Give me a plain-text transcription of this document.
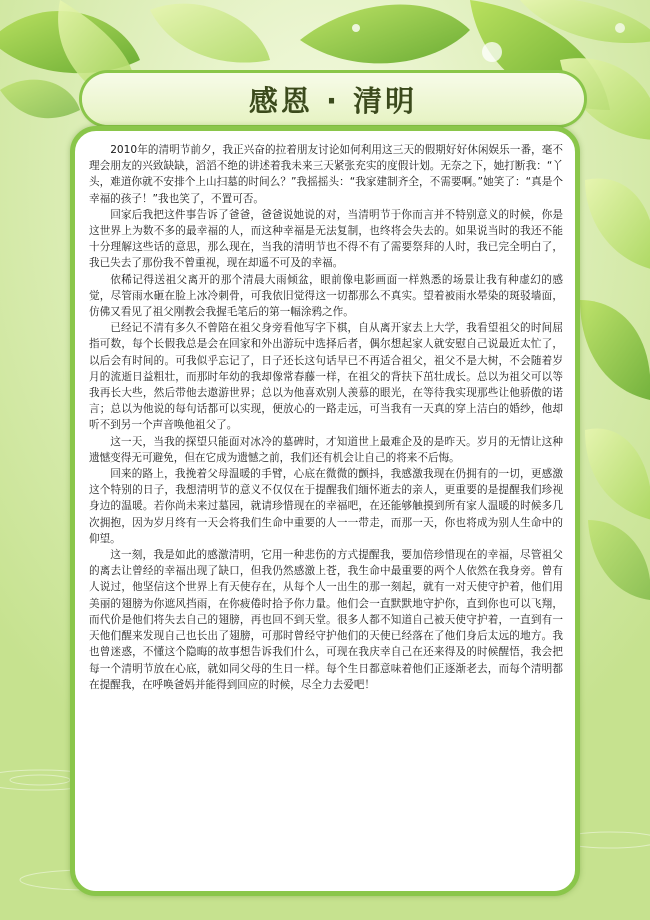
感恩 · 清明

2010年的清明节前夕，我正兴奋的拉着朋友讨论如何利用这三天的假期好好休闲娱乐一番，毫不理会朋友的兴致缺缺，滔滔不绝的讲述着我未来三天紧张充实的度假计划。无奈之下，她打断我：“丫头，难道你就不安排个上山扫墓的时间么？”我摇摇头：“我家建制齐全，不需要啊。”她笑了：“真是个幸福的孩子！”我也笑了，不置可否。

回家后我把这件事告诉了爸爸，爸爸说她说的对，当清明节于你而言并不特别意义的时候，你是这世界上为数不多的最幸福的人，而这种幸福是无法复制，也终将会失去的。如果说当时的我还不能十分理解这些话的意思，那么现在，当我的清明节也不得不有了需要祭拜的人时，我已完全明白了，我已失去了那份我不曾重视，现在却遥不可及的幸福。

依稀记得送祖父离开的那个清晨大雨倾盆，眼前像电影画面一样熟悉的场景让我有种虚幻的感觉，尽管雨水砸在脸上冰冷刺骨，可我依旧觉得这一切都那么不真实。望着被雨水晕染的斑驳墙面，仿佛又看见了祖父刚教会我握毛笔后的第一幅涂鸦之作。

已经记不清有多久不曾陪在祖父身旁看他写字下棋，自从离开家去上大学，我看望祖父的时间屈指可数，每个长假我总是会在回家和外出游玩中选择后者，偶尔想起家人就安慰自己说最近太忙了，以后会有时间的。可我似乎忘记了，日子还长这句话早已不再适合祖父，祖父不是大树，不会随着岁月的流逝日益粗壮，而那时年幼的我却像常春藤一样，在祖父的背扶下茁壮成长。总以为祖父可以等我再长大些，然后带他去遨游世界；总以为他喜欢别人羡慕的眼光，在等待我实现那些让他骄傲的诺言；总以为他说的每句话都可以实现，便放心的一路走远，可当我有一天真的穿上洁白的婚纱，他却听不到另一个声音唤他祖父了。

这一天，当我的探望只能面对冰冷的墓碑时，才知道世上最难企及的是昨天。岁月的无情让这种遗憾变得无可避免，但在它成为遗憾之前，我们还有机会让自己的将来不后悔。

回来的路上，我挽着父母温暖的手臂，心底在微微的颤抖，我感激我现在仍拥有的一切，更感激这个特别的日子，我想清明节的意义不仅仅在于提醒我们缅怀逝去的亲人，更重要的是提醒我们珍视身边的温暖。若你尚未来过墓园，就请珍惜现在的幸福吧，在还能够触摸到所有家人温暖的时候多几次拥抱，因为岁月终有一天会将我们生命中重要的人一一带走，而那一天，你也将成为别人生命中的仰望。

这一刻，我是如此的感激清明，它用一种悲伤的方式提醒我，要加倍珍惜现在的幸福，尽管祖父的离去让曾经的幸福出现了缺口，但我仍然感激上苍，我生命中最重要的两个人依然在我身旁。曾有人说过，他坚信这个世界上有天使存在，从每个人一出生的那一刻起，就有一对天使守护着，他们用美丽的翅膀为你遮风挡雨，在你疲倦时拾予你力量。他们会一直默默地守护你，直到你也可以飞翔，而代价是他们将失去自己的翅膀，再也回不到天堂。很多人都不知道自己被天使守护着，一直到有一天他们醒来发现自己也长出了翅膀，可那时曾经守护他们的天使已经落在了他们身后太远的地方。我也曾迷惑，不懂这个隐晦的故事想告诉我们什么，可现在我庆幸自己在还来得及的时候醒悟，我会把每一个清明节放在心底，就如同父母的生日一样。每个生日都意味着他们正逐渐老去，而每个清明都在提醒我，在呼唤爸妈并能得到回应的时候，尽全力去爱吧！
